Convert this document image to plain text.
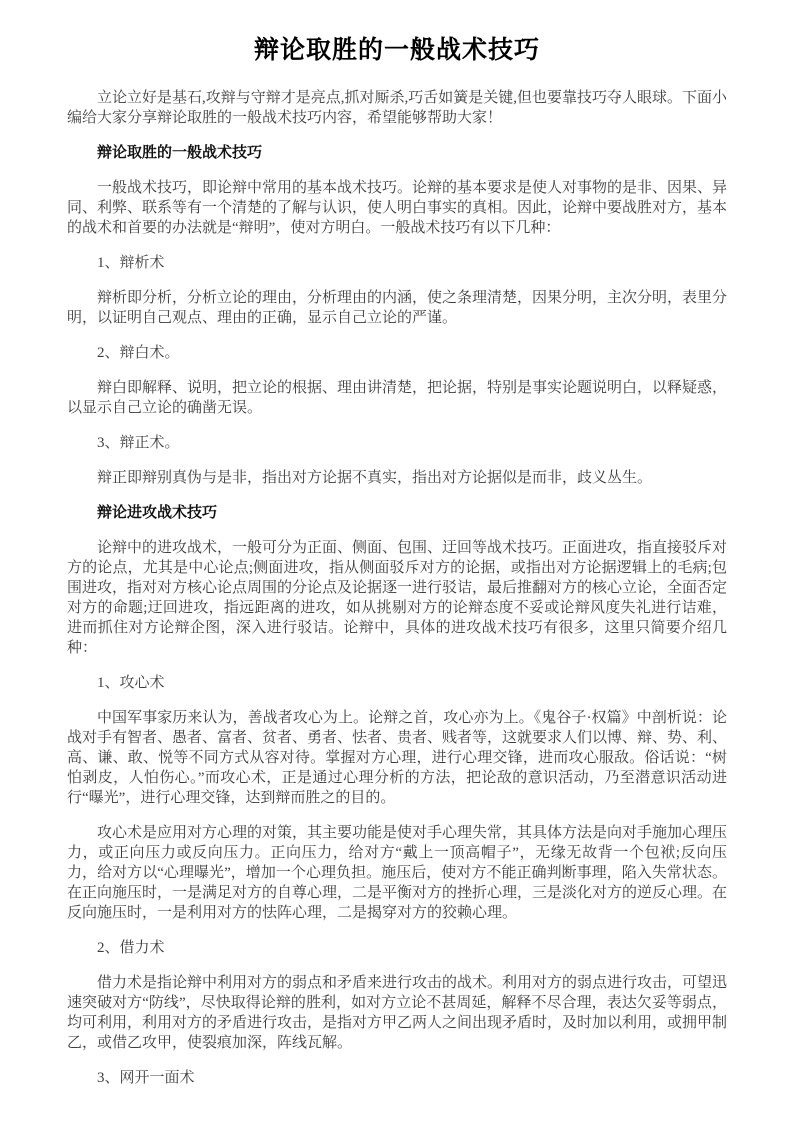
辩论取胜的一般战术技巧

立论立好是基石,攻辩与守辩才是亮点,抓对厮杀,巧舌如簧是关键,但也要靠技巧夺人眼球。下面小编给大家分享辩论取胜的一般战术技巧内容，希望能够帮助大家！

辩论取胜的一般战术技巧

一般战术技巧，即论辩中常用的基本战术技巧。论辩的基本要求是使人对事物的是非、因果、异同、利弊、联系等有一个清楚的了解与认识，使人明白事实的真相。因此，论辩中要战胜对方，基本的战术和首要的办法就是“辩明”，使对方明白。一般战术技巧有以下几种：

1、辩析术

辩析即分析，分析立论的理由，分析理由的内涵，使之条理清楚，因果分明，主次分明，表里分明，以证明自己观点、理由的正确，显示自己立论的严谨。

2、辩白术。

辩白即解释、说明，把立论的根据、理由讲清楚，把论据，特别是事实论题说明白，以释疑惑，以显示自己立论的确凿无误。

3、辩正术。

辩正即辩别真伪与是非，指出对方论据不真实，指出对方论据似是而非，歧义丛生。

辩论进攻战术技巧

论辩中的进攻战术，一般可分为正面、侧面、包围、迂回等战术技巧。正面进攻，指直接驳斥对方的论点，尤其是中心论点;侧面进攻，指从侧面驳斥对方的论据，或指出对方论据逻辑上的毛病;包围进攻，指对对方核心论点周围的分论点及论据逐一进行驳诘，最后推翻对方的核心立论，全面否定对方的命题;迂回进攻，指远距离的进攻，如从挑剔对方的论辩态度不妥或论辩风度失礼进行诘难，进而抓住对方论辩企图，深入进行驳诘。论辩中，具体的进攻战术技巧有很多，这里只简要介绍几种：

1、攻心术

中国军事家历来认为，善战者攻心为上。论辩之首，攻心亦为上。《鬼谷子·权篇》中剖析说：论战对手有智者、愚者、富者、贫者、勇者、怯者、贵者、贱者等，这就要求人们以博、辩、势、利、高、谦、敢、悦等不同方式从容对待。掌握对方心理，进行心理交锋，进而攻心服敌。俗话说：“树怕剥皮，人怕伤心。”而攻心术，正是通过心理分析的方法，把论敌的意识活动，乃至潜意识活动进行“曝光”，进行心理交锋，达到辩而胜之的目的。

攻心术是应用对方心理的对策，其主要功能是使对手心理失常，其具体方法是向对手施加心理压力，或正向压力或反向压力。正向压力，给对方“戴上一顶高帽子”，无缘无故背一个包袱;反向压力，给对方以“心理曝光”，增加一个心理负担。施压后，使对方不能正确判断事理，陷入失常状态。在正向施压时，一是满足对方的自尊心理，二是平衡对方的挫折心理，三是淡化对方的逆反心理。在反向施压时，一是利用对方的怯阵心理，二是揭穿对方的狡赖心理。

2、借力术

借力术是指论辩中利用对方的弱点和矛盾来进行攻击的战术。利用对方的弱点进行攻击，可望迅速突破对方“防线”，尽快取得论辩的胜利，如对方立论不甚周延，解释不尽合理，表达欠妥等弱点，均可利用，利用对方的矛盾进行攻击，是指对方甲乙两人之间出现矛盾时，及时加以利用，或拥甲制乙，或借乙攻甲，使裂痕加深，阵线瓦解。

3、网开一面术
